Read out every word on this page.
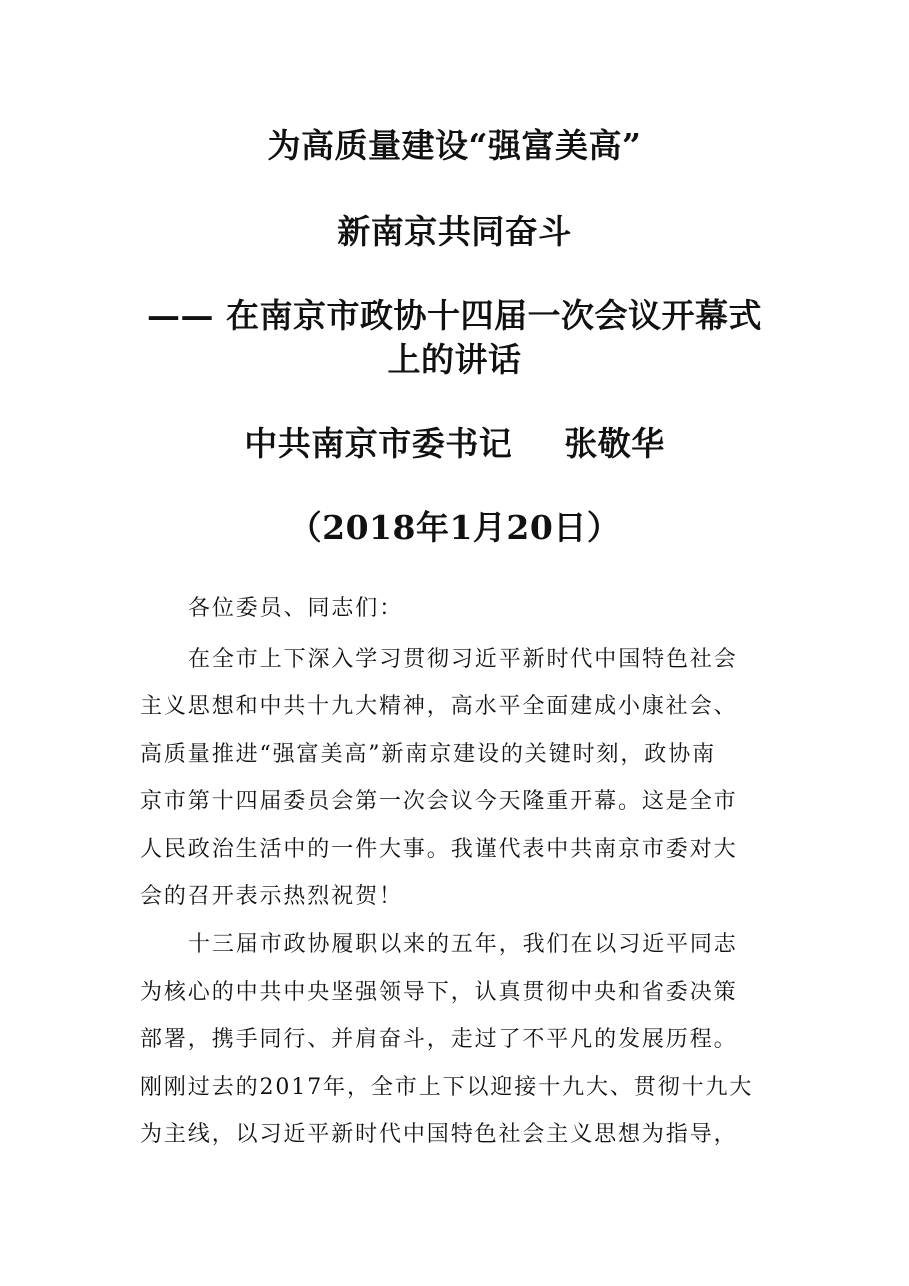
为高质量建设“强富美高”
新南京共同奋斗
—— 在南京市政协十四届一次会议开幕式
上的讲话
中共南京市委书记 张敬华
（2018年1月20日）
各位委员、同志们：
在全市上下深入学习贯彻习近平新时代中国特色社会
主义思想和中共十九大精神，高水平全面建成小康社会、
高质量推进“强富美高”新南京建设的关键时刻，政协南
京市第十四届委员会第一次会议今天隆重开幕。这是全市
人民政治生活中的一件大事。我谨代表中共南京市委对大
会的召开表示热烈祝贺！
十三届市政协履职以来的五年，我们在以习近平同志
为核心的中共中央坚强领导下，认真贯彻中央和省委决策
部署，携手同行、并肩奋斗，走过了不平凡的发展历程。
刚刚过去的2017年，全市上下以迎接十九大、贯彻十九大
为主线，以习近平新时代中国特色社会主义思想为指导，
